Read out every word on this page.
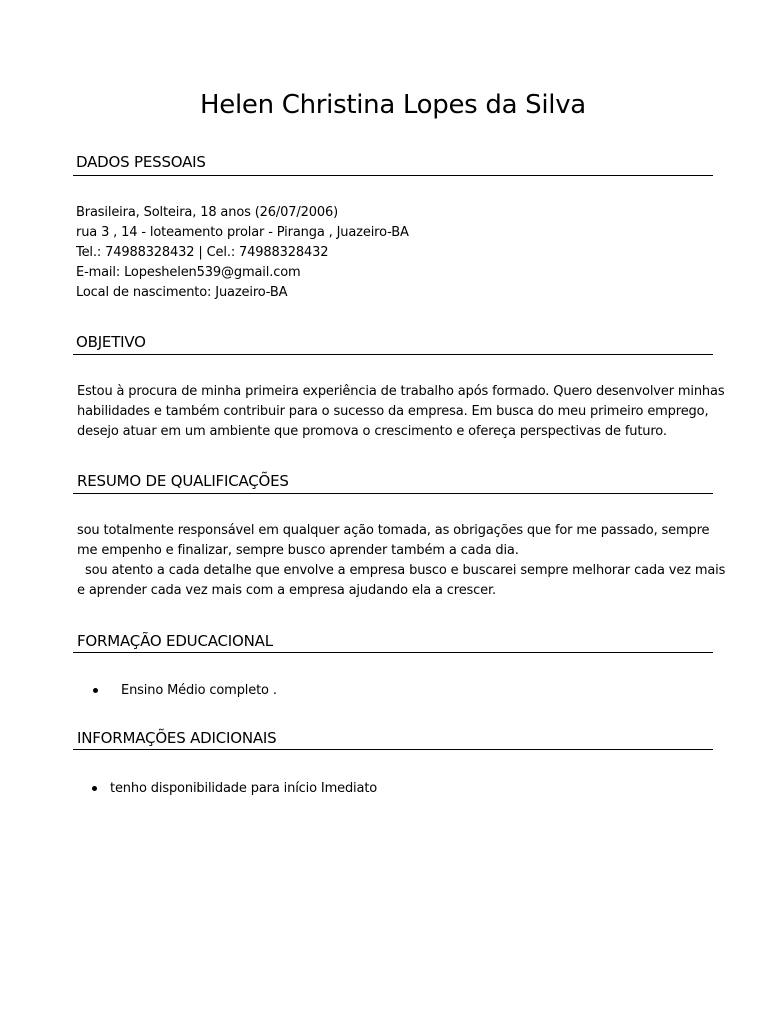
Helen Christina Lopes da Silva
DADOS PESSOAIS
Brasileira, Solteira, 18 anos (26/07/2006)
rua 3 , 14 - loteamento prolar - Piranga , Juazeiro-BA
Tel.: 74988328432 | Cel.: 74988328432
E-mail: Lopeshelen539@gmail.com
Local de nascimento: Juazeiro-BA
OBJETIVO
Estou à procura de minha primeira experiência de trabalho após formado. Quero desenvolver minhas
habilidades e também contribuir para o sucesso da empresa. Em busca do meu primeiro emprego,
desejo atuar em um ambiente que promova o crescimento e ofereça perspectivas de futuro.
RESUMO DE QUALIFICAÇÕES
sou totalmente responsável em qualquer ação tomada, as obrigações que for me passado, sempre
me empenho e finalizar, sempre busco aprender também a cada dia.
sou atento a cada detalhe que envolve a empresa busco e buscarei sempre melhorar cada vez mais
e aprender cada vez mais com a empresa ajudando ela a crescer.
FORMAÇÃO EDUCACIONAL
Ensino Médio completo .
INFORMAÇÕES ADICIONAIS
tenho disponibilidade para início Imediato
